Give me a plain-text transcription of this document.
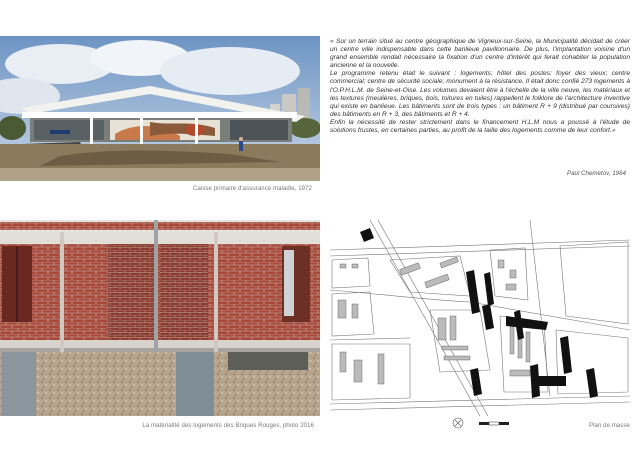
Caisse primaire d'assurance maladie, 1972

« Sur un terrain situé au centre géographique de Vigneux-sur-Seine, la Municipalité décidait de créer un centre ville indispensable dans cette banlieue pavillonnaire. De plus, l'implantation voisine d'un grand ensemble rendait nécessaire la fixation d'un centre d'intérêt qui ferait cohabiter la population ancienne et la nouvelle.

Le programme retenu était le suivant : logements; hôtel des postes; foyer des vieux; centre commercial; centre de sécurité sociale; monument à la résistance. Il était donc confié 273 logements à l'O.P.H.L.M. de Seine-et-Oise. Les volumes devaient être à l'échelle de la ville neuve, les matériaux et les textures (meulières, briques, bois, toitures en tuiles) rappellent le folklore de l'architecture inventive qui existe en banlieue. Les bâtiments sont de trois types : un bâtiment R + 9 (distribué par coursives) des bâtiments en R + 3, des bâtiments et R + 4.

Enfin la nécessité de rester strictement dans le financement H.L.M nous a poussé à l'étude de solutions frustes, en certaines parties, au profit de la taille des logements comme de leur confort.»

Paul Chemetov, 1964
La matérialité des logements des Briques Rouges, photo 2016	Plan de masse
